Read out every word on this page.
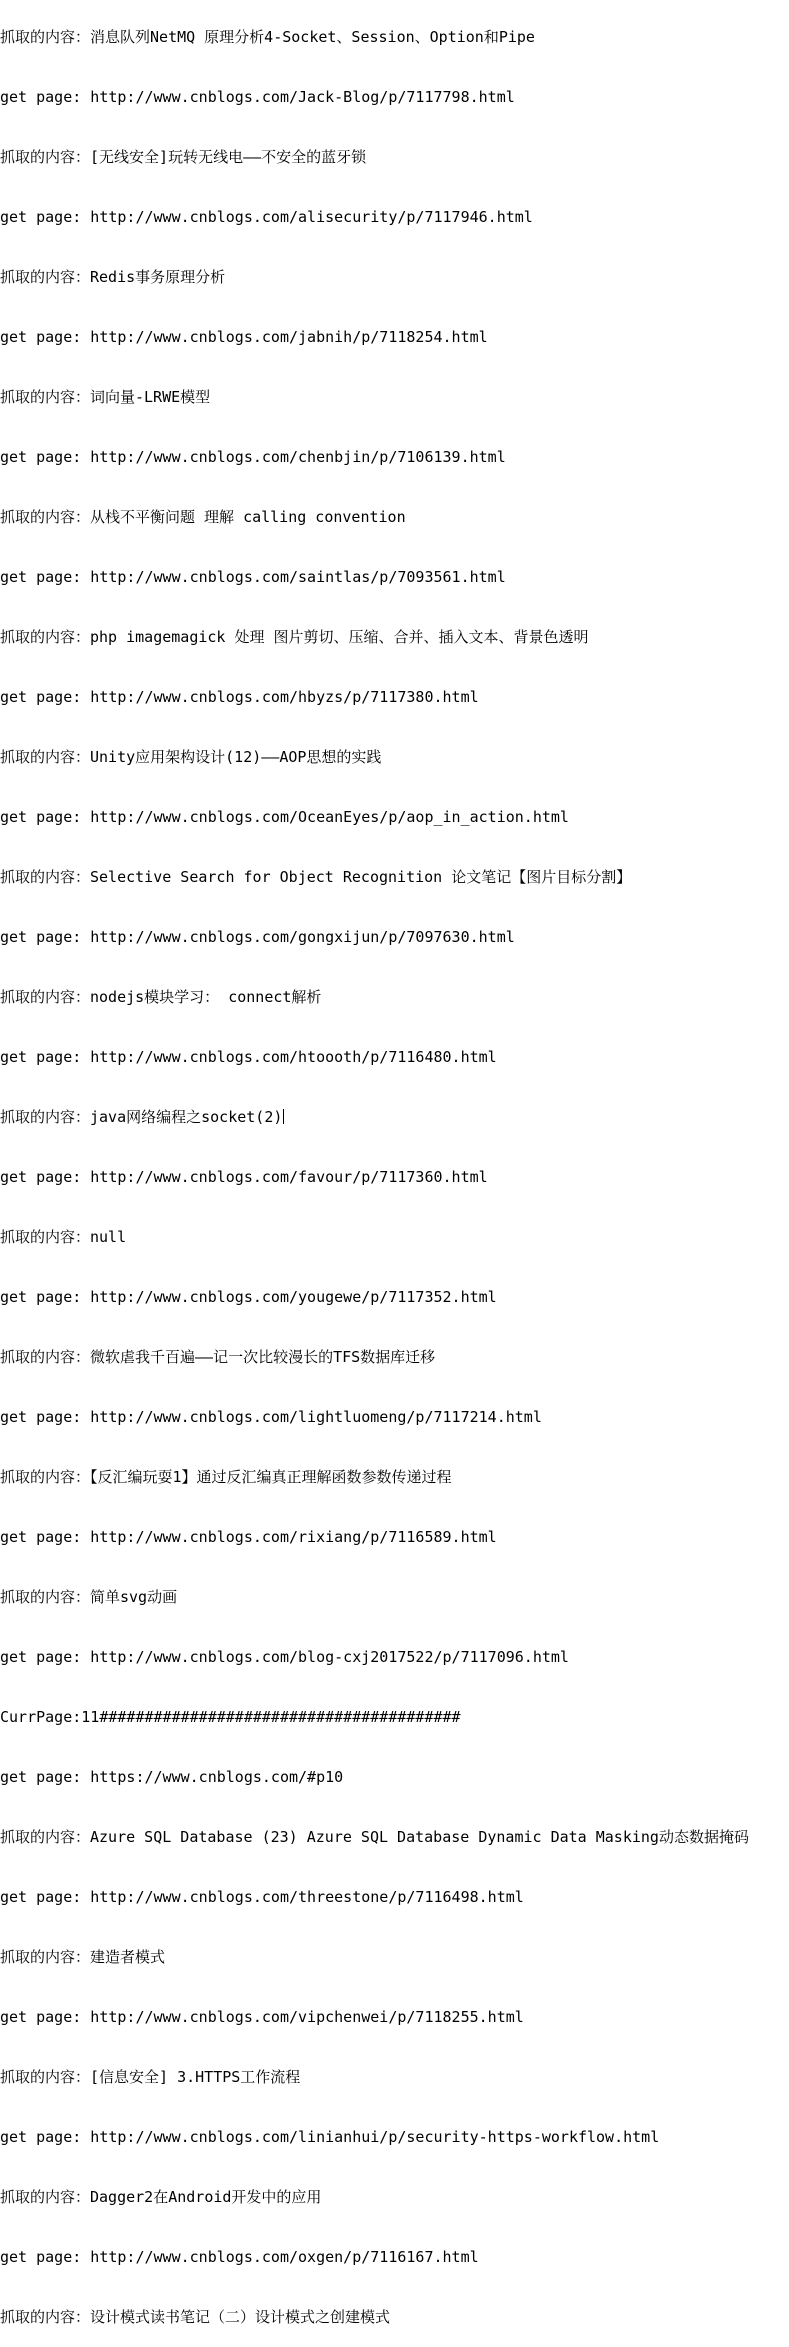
抓取的内容：消息队列NetMQ 原理分析4-Socket、Session、Option和Pipe

get page: http://www.cnblogs.com/Jack-Blog/p/7117798.html

抓取的内容：[无线安全]玩转无线电——不安全的蓝牙锁

get page: http://www.cnblogs.com/alisecurity/p/7117946.html

抓取的内容：Redis事务原理分析

get page: http://www.cnblogs.com/jabnih/p/7118254.html

抓取的内容：词向量-LRWE模型

get page: http://www.cnblogs.com/chenbjin/p/7106139.html

抓取的内容：从栈不平衡问题 理解 calling convention

get page: http://www.cnblogs.com/saintlas/p/7093561.html

抓取的内容：php imagemagick 处理 图片剪切、压缩、合并、插入文本、背景色透明

get page: http://www.cnblogs.com/hbyzs/p/7117380.html

抓取的内容：Unity应用架构设计(12)——AOP思想的实践

get page: http://www.cnblogs.com/OceanEyes/p/aop_in_action.html

抓取的内容：Selective Search for Object Recognition 论文笔记【图片目标分割】

get page: http://www.cnblogs.com/gongxijun/p/7097630.html

抓取的内容：nodejs模块学习： connect解析

get page: http://www.cnblogs.com/htoooth/p/7116480.html

抓取的内容：java网络编程之socket(2)

get page: http://www.cnblogs.com/favour/p/7117360.html

抓取的内容：null

get page: http://www.cnblogs.com/yougewe/p/7117352.html

抓取的内容：微软虐我千百遍——记一次比较漫长的TFS数据库迁移

get page: http://www.cnblogs.com/lightluomeng/p/7117214.html

抓取的内容：【反汇编玩耍1】通过反汇编真正理解函数参数传递过程

get page: http://www.cnblogs.com/rixiang/p/7116589.html

抓取的内容：简单svg动画

get page: http://www.cnblogs.com/blog-cxj2017522/p/7117096.html

CurrPage:11########################################

get page: https://www.cnblogs.com/#p10

抓取的内容：Azure SQL Database (23) Azure SQL Database Dynamic Data Masking动态数据掩码

get page: http://www.cnblogs.com/threestone/p/7116498.html

抓取的内容：建造者模式

get page: http://www.cnblogs.com/vipchenwei/p/7118255.html

抓取的内容：[信息安全] 3.HTTPS工作流程

get page: http://www.cnblogs.com/linianhui/p/security-https-workflow.html

抓取的内容：Dagger2在Android开发中的应用

get page: http://www.cnblogs.com/oxgen/p/7116167.html

抓取的内容：设计模式读书笔记（二）设计模式之创建模式
